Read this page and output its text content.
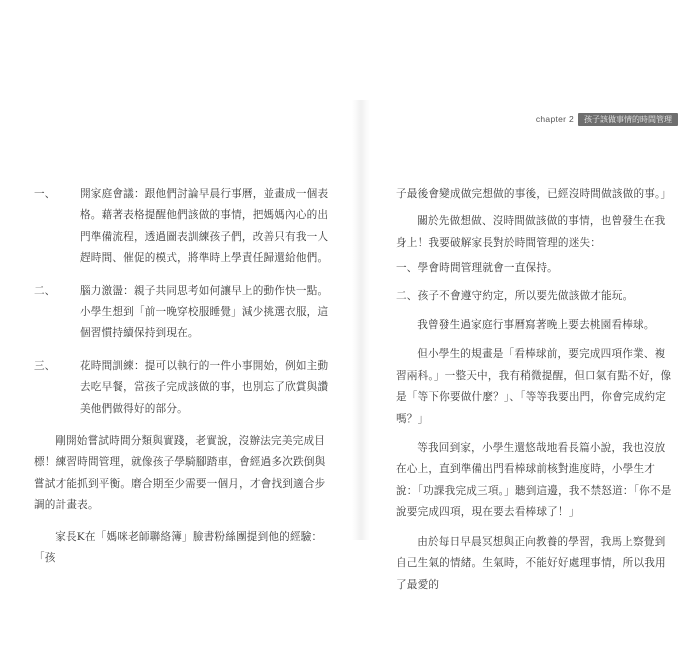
chapter 2	孩子該做事情的時間管理
一、	開家庭會議：跟他們討論早晨行事曆，並畫成一個表格。藉著表格提醒他們該做的事情，把媽媽內心的出門準備流程，透過圖表訓練孩子們，改善只有我一人趕時間、催促的模式，將準時上學責任歸還給他們。
二、	腦力激盪：親子共同思考如何讓早上的動作快一點。小學生想到「前一晚穿校服睡覺」減少挑選衣服，這個習慣持續保持到現在。
三、	花時間訓練：提可以執行的一件小事開始，例如主動去吃早餐，當孩子完成該做的事，也別忘了欣賞與讚美他們做得好的部分。

剛開始嘗試時間分類與實踐，老實說，沒辦法完美完成目標！練習時間管理，就像孩子學騎腳踏車，會經過多次跌倒與嘗試才能抓到平衡。磨合期至少需要一個月，才會找到適合步調的計畫表。

家長K在「媽咪老師聯絡簿」臉書粉絲團提到他的經驗：「孩

子最後會變成做完想做的事後，已經沒時間做該做的事。」

關於先做想做、沒時間做該做的事情，也曾發生在我身上！我要破解家長對於時間管理的迷失：

一、學會時間管理就會一直保持。

二、孩子不會遵守約定，所以要先做該做才能玩。

我曾發生過家庭行事曆寫著晚上要去桃園看棒球。

但小學生的規畫是「看棒球前，要完成四項作業、複習兩科。」一整天中，我有稍微提醒，但口氣有點不好，像是「等下你要做什麼？」、「等等我要出門，你會完成約定嗎？」

等我回到家，小學生還悠哉地看長篇小說，我也沒放在心上，直到準備出門看棒球前核對進度時，小學生才說：「功課我完成三項。」聽到這邊，我不禁怒道：「你不是說要完成四項，現在要去看棒球了！」

由於每日早晨冥想與正向教養的學習，我馬上察覺到自己生氣的情緒。生氣時，不能好好處理事情，所以我用了最愛的
